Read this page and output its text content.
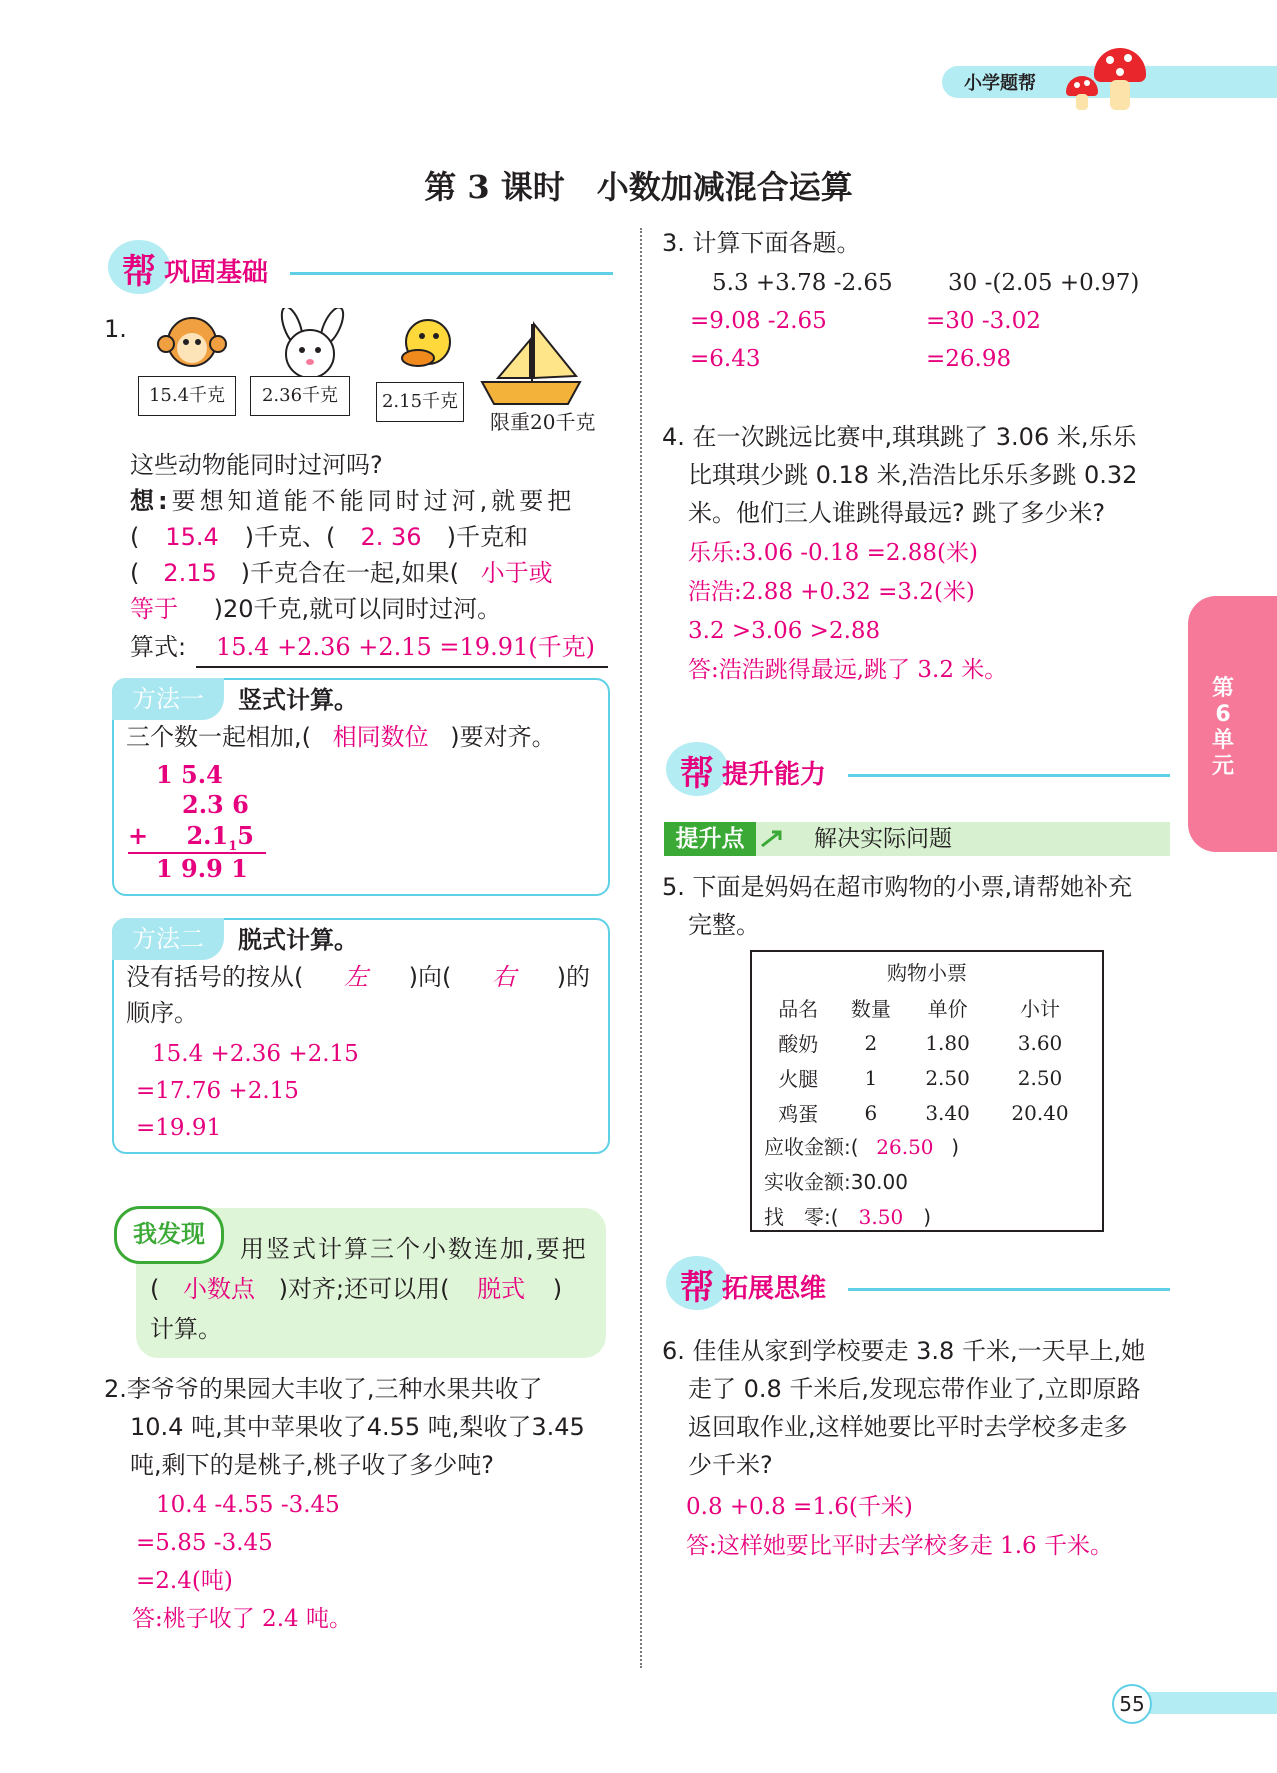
小学题帮
第 3 课时　小数加减混合运算
第6单元
帮 巩固基础
1.
15.4千克	2.36千克	2.15千克
限重20千克
这些动物能同时过河吗?
想:要想知道能不能同时过河,就要把
( 15.4 )千克、( 2. 36 )千克和
( 2.15 )千克合在一起,如果( 小于或
等于 )20千克,就可以同时过河。
算式:	15.4 +2.36 +2.15 =19.91(千克)
方法一	竖式计算。
三个数一起相加,( 相同数位 )要对齐。
1 5.4
2.3 6
+ $2.1_15$
1 9.9 1
方法二	脱式计算。
没有括号的按从( 左 )向( 右 )的
顺序。
15.4 +2.36 +2.15
=17.76 +2.15
=19.91
用竖式计算三个小数连加,要把
( 小数点 )对齐;还可以用( 脱式 )
计算。
我发现
2.李爷爷的果园大丰收了,三种水果共收了
10.4 吨,其中苹果收了4.55 吨,梨收了3.45
吨,剩下的是桃子,桃子收了多少吨?
10.4 -4.55 -3.45
=5.85 -3.45
=2.4(吨)
答:桃子收了 2.4 吨。
3. 计算下面各题。
5.3 +3.78 -2.65
=9.08 -2.65
=6.43
30 -(2.05 +0.97)
=30 -3.02
=26.98
4. 在一次跳远比赛中,琪琪跳了 3.06 米,乐乐
比琪琪少跳 0.18 米,浩浩比乐乐多跳 0.32
米。他们三人谁跳得最远? 跳了多少米?
乐乐:3.06 -0.18 =2.88(米)
浩浩:2.88 +0.32 =3.2(米)
3.2 >3.06 >2.88
答:浩浩跳得最远,跳了 3.2 米。
帮 提升能力
提升点	解决实际问题
5. 下面是妈妈在超市购物的小票,请帮她补充
完整。
购物小票
品名	数量	单价	小计
酸奶	2	1.80	3.60
火腿	1	2.50	2.50
鸡蛋	6	3.40	20.40
应收金额:( 26.50 )
实收金额:30.00
找　零:( 3.50 )
帮 拓展思维
6. 佳佳从家到学校要走 3.8 千米,一天早上,她
走了 0.8 千米后,发现忘带作业了,立即原路
返回取作业,这样她要比平时去学校多走多
少千米?
0.8 +0.8 =1.6(千米)
答:这样她要比平时去学校多走 1.6 千米。
55
